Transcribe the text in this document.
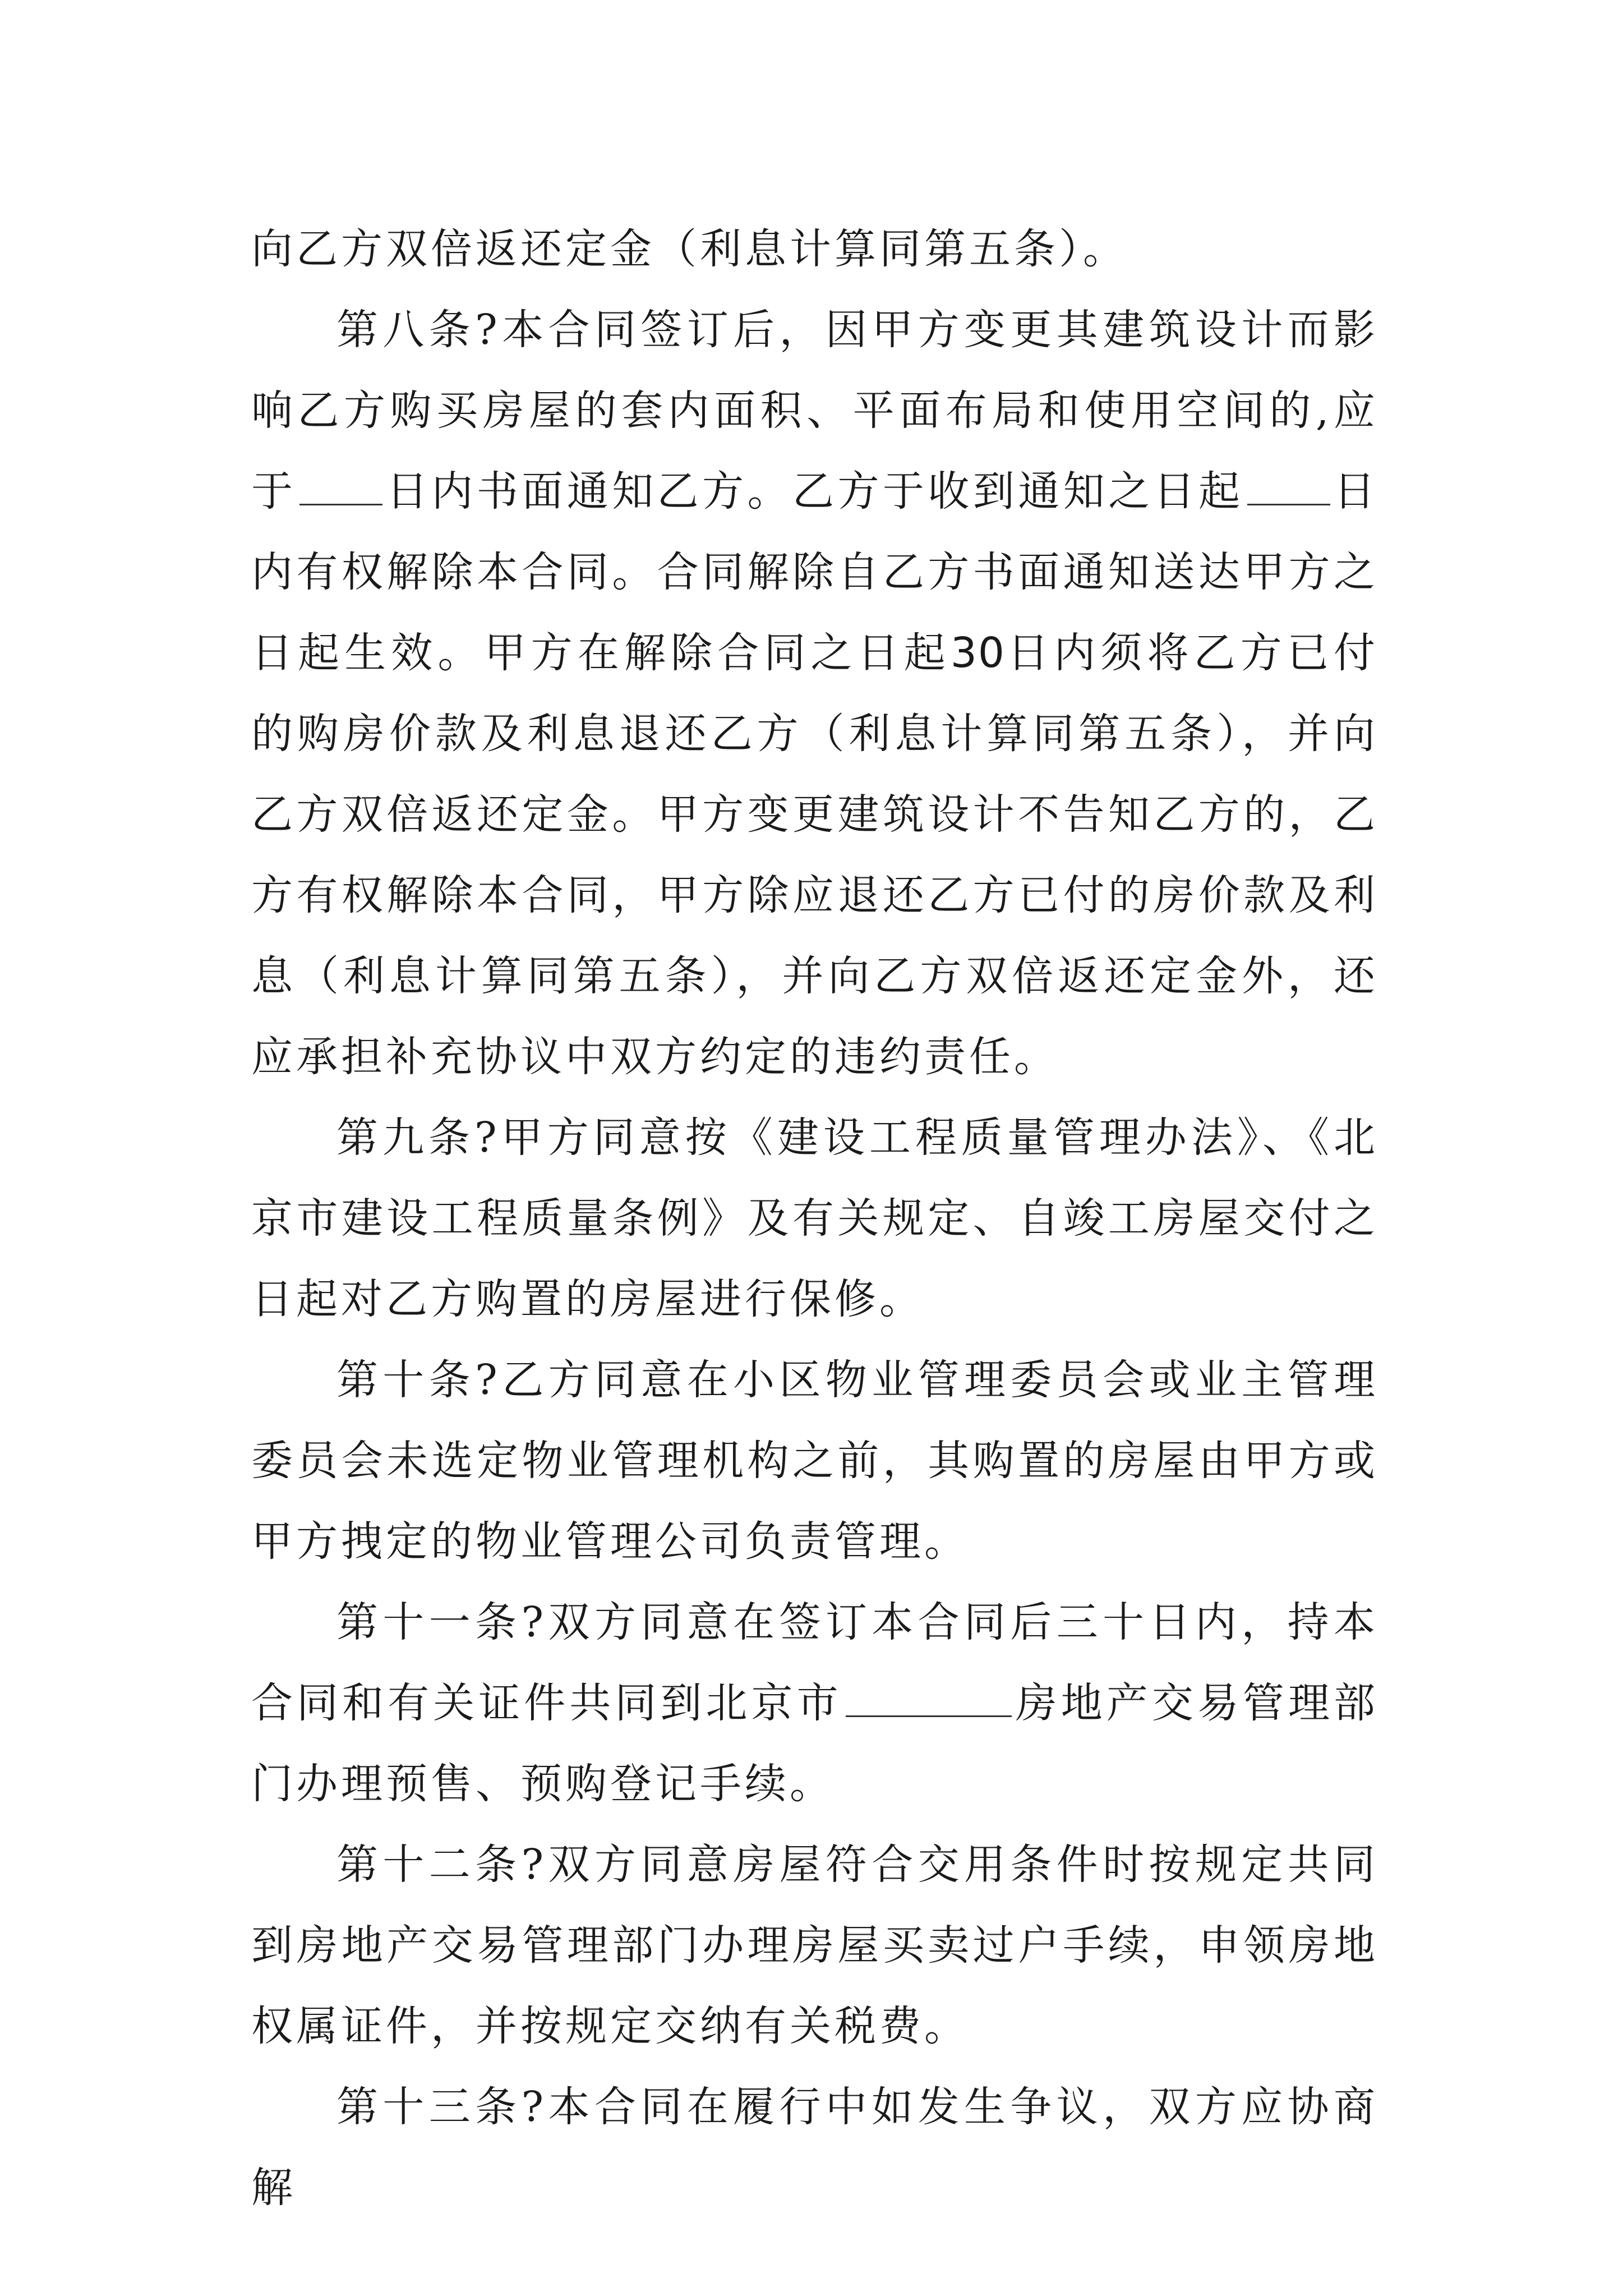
向乙方双倍返还定金（利息计算同第五条）。

第八条?本合同签订后，因甲方变更其建筑设计而影响乙方购买房屋的套内面积、平面布局和使用空间的,应于 日内书面通知乙方。乙方于收到通知之日起 日内有权解除本合同。合同解除自乙方书面通知送达甲方之日起生效。甲方在解除合同之日起30日内须将乙方已付的购房价款及利息退还乙方（利息计算同第五条），并向乙方双倍返还定金。甲方变更建筑设计不告知乙方的，乙方有权解除本合同，甲方除应退还乙方已付的房价款及利息（利息计算同第五条），并向乙方双倍返还定金外，还应承担补充协议中双方约定的违约责任。

第九条?甲方同意按《建设工程质量管理办法》、《北京市建设工程质量条例》及有关规定、自竣工房屋交付之日起对乙方购置的房屋进行保修。

第十条?乙方同意在小区物业管理委员会或业主管理委员会未选定物业管理机构之前，其购置的房屋由甲方或甲方拽定的物业管理公司负责管理。

第十一条?双方同意在签订本合同后三十日内，持本合同和有关证件共同到北京市	房地产交易管理部门办理预售、预购登记手续。

第十二条?双方同意房屋符合交用条件时按规定共同到房地产交易管理部门办理房屋买卖过户手续，申领房地权属证件，并按规定交纳有关税费。

第十三条?本合同在履行中如发生争议，双方应协商解
